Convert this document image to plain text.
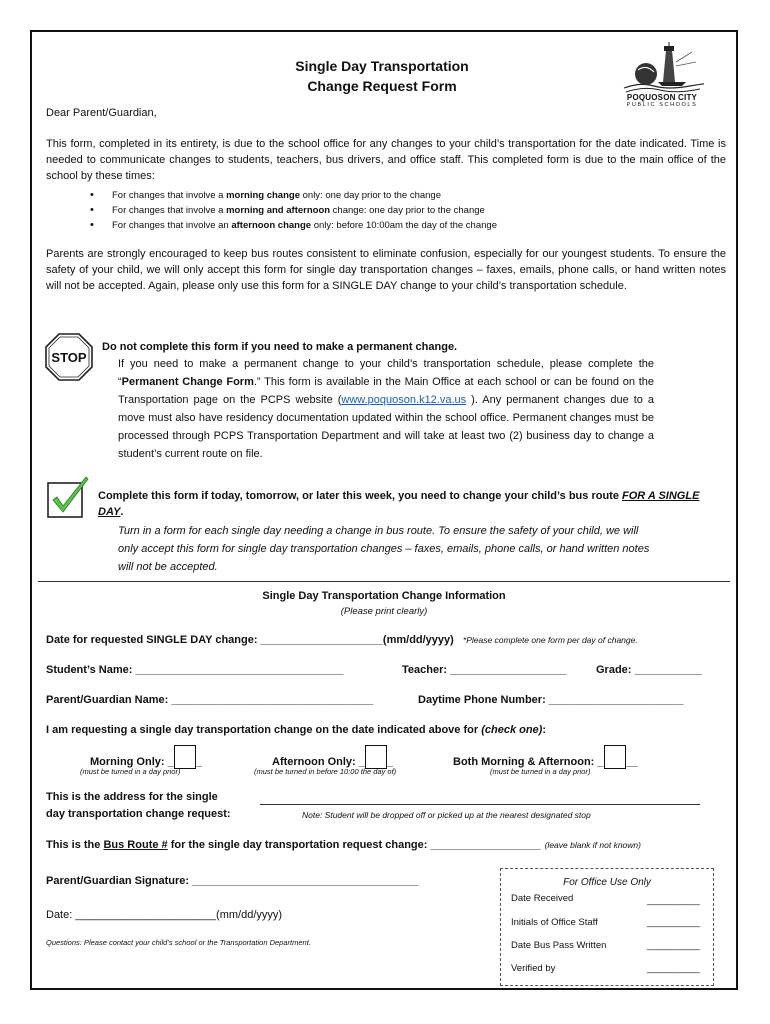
Single Day Transportation
Change Request Form
POQUOSON CITY
PUBLIC SCHOOLS
Dear Parent/Guardian,
This form, completed in its entirety, is due to the school office for any changes to your child’s transportation for the date indicated. Time is needed to communicate changes to students, teachers, bus drivers, and office staff. This completed form is due to the main office of the school by these times:
• For changes that involve a morning change only: one day prior to the change
• For changes that involve a morning and afternoon change: one day prior to the change
• For changes that involve an afternoon change only: before 10:00am the day of the change
Parents are strongly encouraged to keep bus routes consistent to eliminate confusion, especially for our youngest students. To ensure the safety of your child, we will only accept this form for single day transportation changes – faxes, emails, phone calls, or hand written notes will not be accepted. Again, please only use this form for a SINGLE DAY change to your child’s transportation schedule.
STOP
Do not complete this form if you need to make a permanent change.
If you need to make a permanent change to your child’s transportation schedule, please complete the “Permanent Change Form.” This form is available in the Main Office at each school or can be found on the Transportation page on the PCPS website (www.poquoson.k12.va.us ). Any permanent changes due to a move must also have residency documentation updated within the school office. Permanent changes must be processed through PCPS Transportation Department and will take at least two (2) business day to change a student’s current route on file.
Complete this form if today, tomorrow, or later this week, you need to change your child’s bus route FOR A SINGLE DAY.
Turn in a form for each single day needing a change in bus route. To ensure the safety of your child, we will only accept this form for single day transportation changes – faxes, emails, phone calls, or hand written notes will not be accepted.
Single Day Transportation Change Information
(Please print clearly)
Date for requested SINGLE DAY change: ____________________(mm/dd/yyyy) *Please complete one form per day of change.
Student’s Name: __________________________________	Teacher: ___________________	Grade: ___________
Parent/Guardian Name: _________________________________	Daytime Phone Number: ______________________
I am requesting a single day transportation change on the date indicated above for (check one):
Morning Only: _ _
(must be turned in a day prior)
Afternoon Only: _ _
(must be turned in before 10:00 the day of)
Both Morning & Afternoon: _ __
(must be turned in a day prior)
This is the address for the single
day transportation change request:	Note: Student will be dropped off or picked up at the nearest designated stop
This is the Bus Route # for the single day transportation request change: __________________ (leave blank if not known)
Parent/Guardian Signature: _____________________________________
Date: _______________________(mm/dd/yyyy)
Questions: Please contact your child’s school or the Transportation Department.
For Office Use Only
Date Received	__________
Initials of Office Staff	__________
Date Bus Pass Written	__________
Verified by	__________
